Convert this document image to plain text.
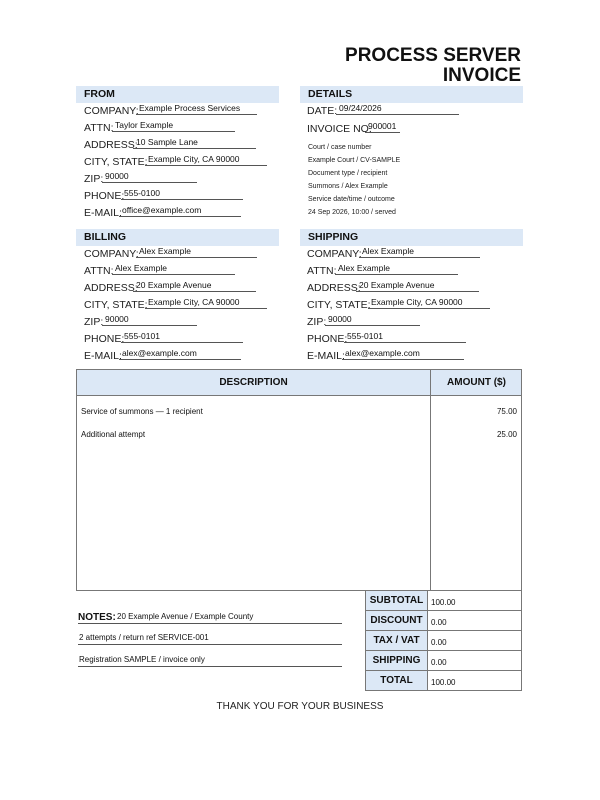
PROCESS SERVER
INVOICE
FROM
COMPANY: Example Process Services
ATTN: Taylor Example
ADDRESS:
10 Sample Lane
CITY, STATE: Example City, CA 90000
ZIP: 90000
PHONE: 555-0100
E-MAIL: office@example.com
DETAILS
DATE: 09/24/2026
INVOICE NO.
900001
Court / case number
Example Court / CV-SAMPLE
Document type / recipient
Summons / Alex Example
Service date/time / outcome
24 Sep 2026, 10:00 / served
BILLING
COMPANY: Alex Example
ATTN: Alex Example
ADDRESS:
20 Example Avenue
CITY, STATE: Example City, CA 90000
ZIP: 90000
PHONE: 555-0101
E-MAIL: alex@example.com
SHIPPING
COMPANY: Alex Example
ATTN: Alex Example
ADDRESS:
20 Example Avenue
CITY, STATE: Example City, CA 90000
ZIP: 90000
PHONE: 555-0101
E-MAIL: alex@example.com
DESCRIPTION	AMOUNT ($)
Service of summons — 1 recipient	75.00
Additional attempt	25.00
SUBTOTAL 100.00
DISCOUNT	0.00
TAX / VAT	0.00
SHIPPING	0.00
TOTAL	100.00
NOTES: 20 Example Avenue / Example County
2 attempts / return ref SERVICE-001
Registration SAMPLE / invoice only
THANK YOU FOR YOUR BUSINESS
